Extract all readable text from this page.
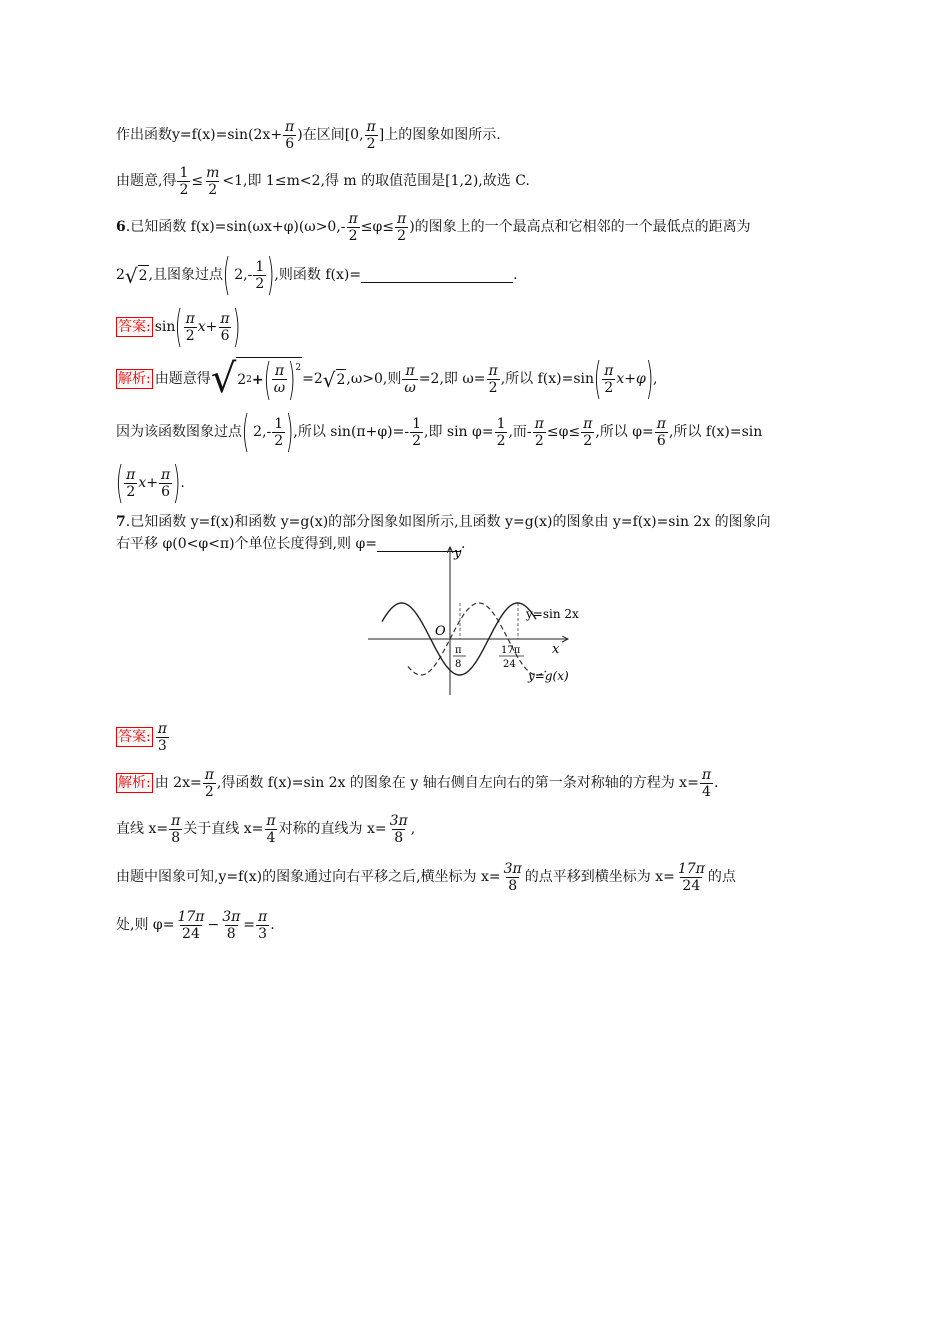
作出函数 $y=f(x)=\sin(2x+ \frac{\pi}{6}$ )在区间[0, $\frac{\pi}{2}$ ]上的图象如图所示.
由题意,得 $\frac{1}{2} \le \frac{m}{2} <1$,即 1≤m<2,得 m 的取值范围是[1,2),故选 C.
6 .已知函数 $f(x)=\sin(\omega x+\varphi)(\omega>0,- \frac{\pi}{2} \le\varphi\le \frac{\pi}{2}$ )的图象上的一个最高点和它相邻的一个最低点的距离为
2 √ 2 ,且图象过点 ( 2 ,- $\frac{1}{2}$ ) ,则函数 f(x)=	.
答案: sin ( $\frac{\pi}{2} x+ \frac{\pi}{6}$ )
解析: 由题意得 √ 2 2 + ( $\frac{\pi}{\omega} )^2$
=2 √ 2 ,ω>0,则 $\frac{\pi}{\omega} =2$,即 $\omega= \frac{\pi}{2}$ ,所以 f(x)=sin ( $\frac{\pi}{2} x+\varphi$ ) ,
因为该函数图象过点 ( 2 ,- $\frac{1}{2}$ ) ,所以 $\sin(\pi+\varphi)=- \frac{1}{2}$ ,即 $\sin \varphi= \frac{1}{2}$ ,而- $\frac{\pi}{2} \le\varphi\le \frac{\pi}{2}$ ,所以 $\varphi= \frac{\pi}{6}$ ,所以 f(x)=sin
( $\frac{\pi}{2} x+ \frac{\pi}{6}$ ) .
7 .已知函数 y=f(x)和函数 y=g(x)的部分图象如图所示,且函数 y=g(x)的图象由 y=f(x)=sin 2x 的图象向
右平移 φ(0<φ<π)个单位长度得到,则 φ=	.
答案: $\frac{\pi}{3}$
解析: 由 $2x= \frac{\pi}{2}$ ,得函数 f(x)=sin 2x 的图象在 y 轴右侧自左向右的第一条对称轴的方程为 $x= \frac{\pi}{4}$ .
直线 $x= \frac{\pi}{8}$ 关于直线 $x= \frac{\pi}{4}$ 对称的直线为 $x= \frac{3\pi}{8}$ ,
由题中图象可知,y=f(x)的图象通过向右平移之后,横坐标为 $x= \frac{3\pi}{8}$ 的点平移到横坐标为 $x= \frac{17\pi}{24}$ 的点
处,则 $\varphi= \frac{17\pi}{24} - \frac{3\pi}{8} = \frac{\pi}{3}$ .
y
x
O
y=sin 2x
y=g(x)
π
8
17π
24
